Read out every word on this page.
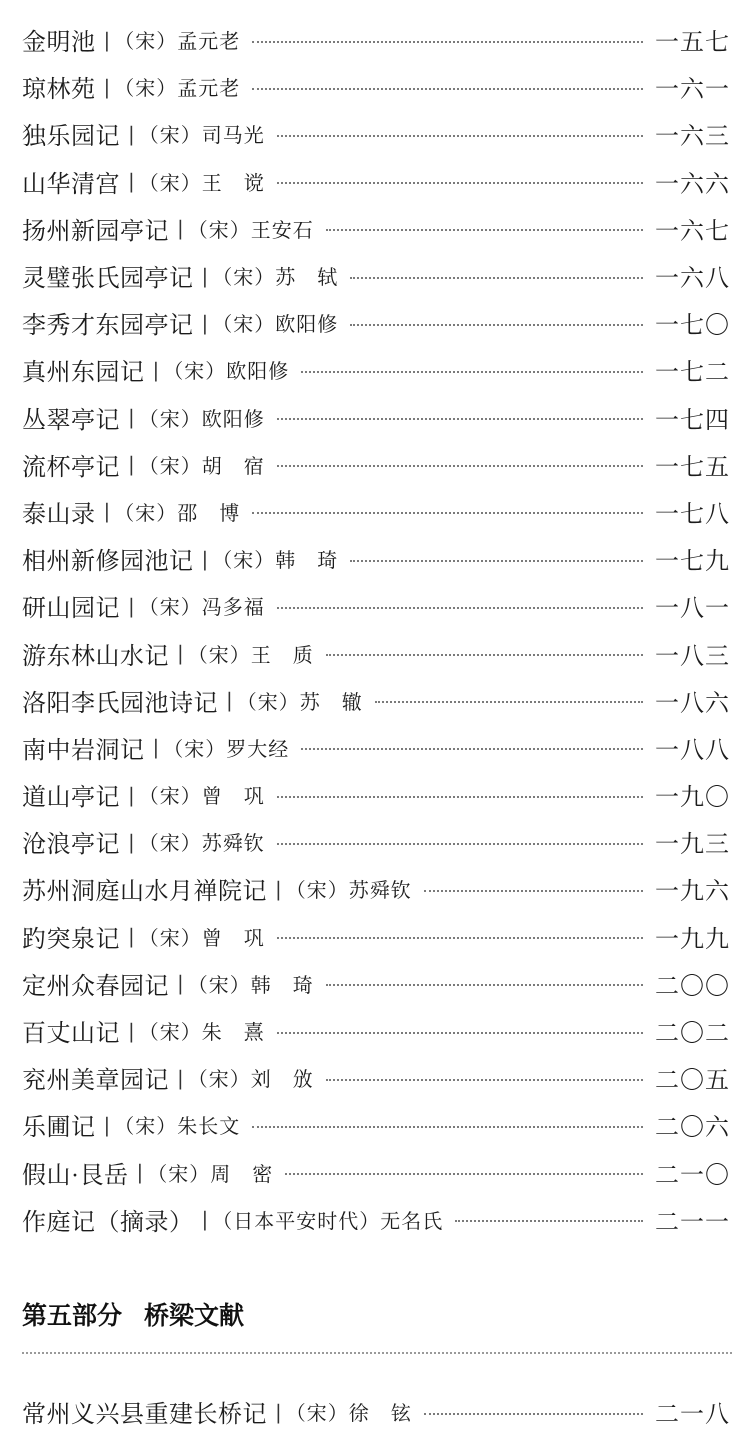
金明池 | （宋）孟元老	一五七
琼林苑 | （宋）孟元老	一六一
独乐园记 | （宋）司马光	一六三
山华清宫 | （宋）王　谠	一六六
扬州新园亭记 | （宋）王安石	一六七
灵璧张氏园亭记 | （宋）苏　轼	一六八
李秀才东园亭记 | （宋）欧阳修	一七〇
真州东园记 | （宋）欧阳修	一七二
丛翠亭记 | （宋）欧阳修	一七四
流杯亭记 | （宋）胡　宿	一七五
泰山录 | （宋）邵　博	一七八
相州新修园池记 | （宋）韩　琦	一七九
研山园记 | （宋）冯多福	一八一
游东林山水记 | （宋）王　质	一八三
洛阳李氏园池诗记 | （宋）苏　辙	一八六
南中岩洞记 | （宋）罗大经	一八八
道山亭记 | （宋）曾　巩	一九〇
沧浪亭记 | （宋）苏舜钦	一九三
苏州洞庭山水月禅院记 | （宋）苏舜钦	一九六
趵突泉记 | （宋）曾　巩	一九九
定州众春园记 | （宋）韩　琦	二〇〇
百丈山记 | （宋）朱　熹	二〇二
兖州美章园记 | （宋）刘　攽	二〇五
乐圃记 | （宋）朱长文	二〇六
假山·艮岳 | （宋）周　密	二一〇
作庭记（摘录） | （日本平安时代）无名氏	二一一
第五部分 桥梁文献
常州义兴县重建长桥记 | （宋）徐　铉	二一八
